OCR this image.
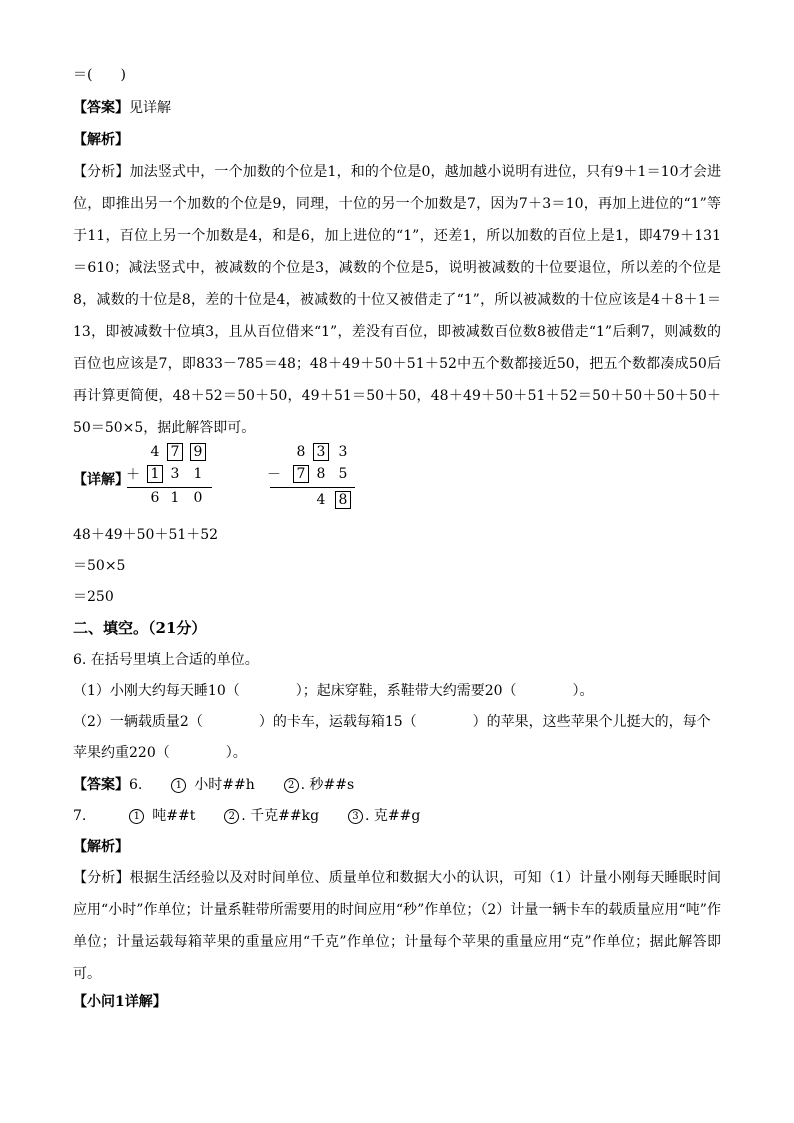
＝(　　)
【答案】见详解
【解析】
【分析】加法竖式中，一个加数的个位是1，和的个位是0，越加越小说明有进位，只有9＋1＝10才会进位，即推出另一个加数的个位是9，同理，十位的另一个加数是7，因为7＋3＝10，再加上进位的“1”等于11，百位上另一个加数是4，和是6，加上进位的“1”，还差1，所以加数的百位上是1，即479＋131＝610；减法竖式中，被减数的个位是3，减数的个位是5，说明被减数的十位要退位，所以差的个位是8，减数的十位是8，差的十位是4，被减数的十位又被借走了“1”，所以被减数的十位应该是4＋8＋1＝13，即被减数十位填3，且从百位借来“1”，差没有百位，即被减数百位数8被借走“1”后剩7，则减数的百位也应该是7，即833－785＝48；48＋49＋50＋51＋52中五个数都接近50，把五个数都凑成50后再计算更简便，48＋52＝50＋50，49＋51＝50＋50，48＋49＋50＋51＋52＝50＋50＋50＋50＋50＝50×5，据此解答即可。
【详解】
4 7 9
＋ 1 3 1
6 1 0
8 3 3
－ 7 8 5
4 8
48＋49＋50＋51＋52
＝50×5
＝250
二、填空。（21分）
6. 在括号里填上合适的单位。
（1）小刚大约每天睡10（　　　　）；起床穿鞋，系鞋带大约需要20（　　　　）。
（2）一辆载质量2（　　　　）的卡车，运载每箱15（　　　　）的苹果，这些苹果个儿挺大的，每个
苹果约重220（　　　　）。
【答案】6.	1 小时##h	2 . 秒##s
7.	1 吨##t	2 . 千克##kg	3 . 克##g
【解析】
【分析】根据生活经验以及对时间单位、质量单位和数据大小的认识，可知（1）计量小刚每天睡眠时间应用“小时”作单位；计量系鞋带所需要用的时间应用“秒”作单位；（2）计量一辆卡车的载质量应用“吨”作单位；计量运载每箱苹果的重量应用“千克”作单位；计量每个苹果的重量应用“克”作单位；据此解答即可。
【小问1详解】
